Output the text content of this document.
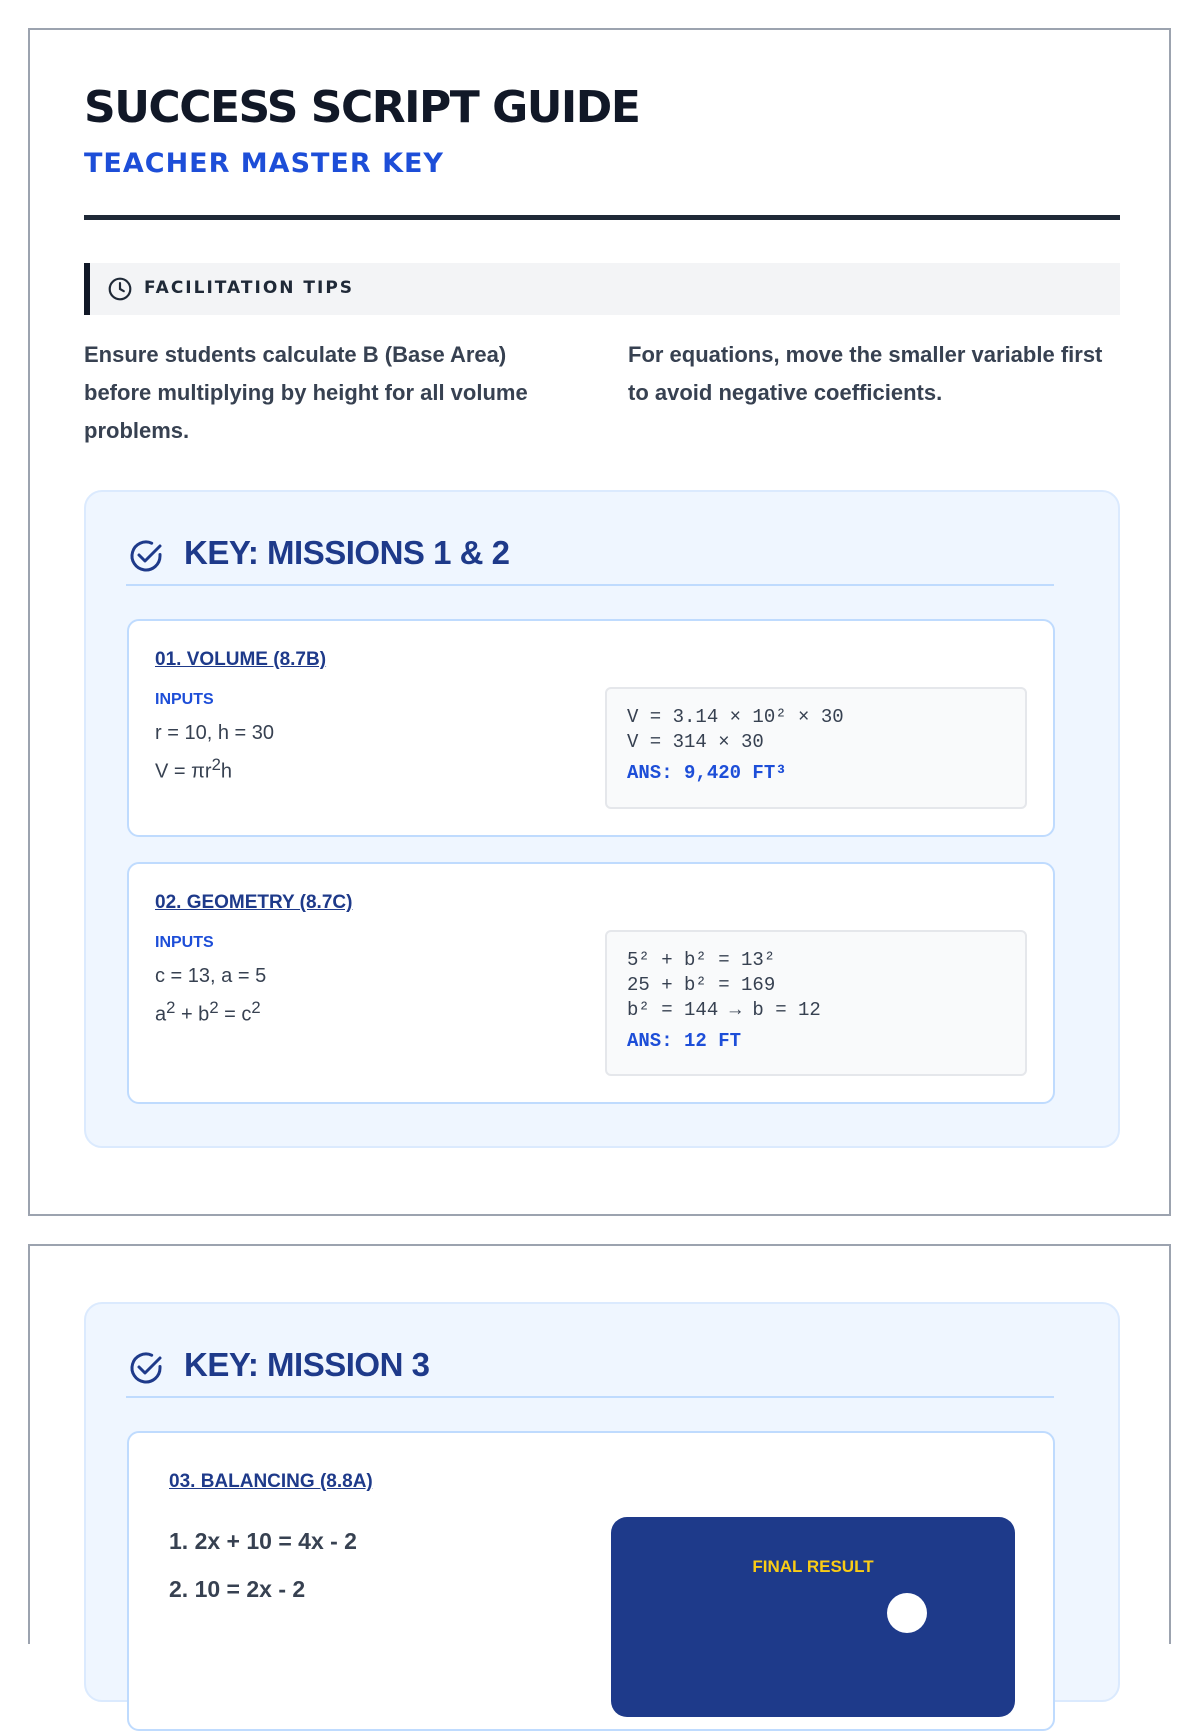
SUCCESS SCRIPT GUIDE
TEACHER MASTER KEY
FACILITATION TIPS

Ensure students calculate B (Base Area) before multiplying by height for all volume problems.

For equations, move the smaller variable first to avoid negative coefficients.

KEY: MISSIONS 1 & 2
01. VOLUME (8.7B)
INPUTS
r = 10, h = 30
$V = \pi r^2h$
V = 3.14 × 10² × 30
V = 314 × 30
ANS: 9,420 FT³
02. GEOMETRY (8.7C)
INPUTS
c = 13, a = 5
$a^2 + b^2 = c^2$
5² + b² = 13²
25 + b² = 169
b² = 144 → b = 12
ANS: 12 FT
KEY: MISSION 3
03. BALANCING (8.8A)
1. 2x + 10 = 4x - 2
2. 10 = 2x - 2
FINAL RESULT
